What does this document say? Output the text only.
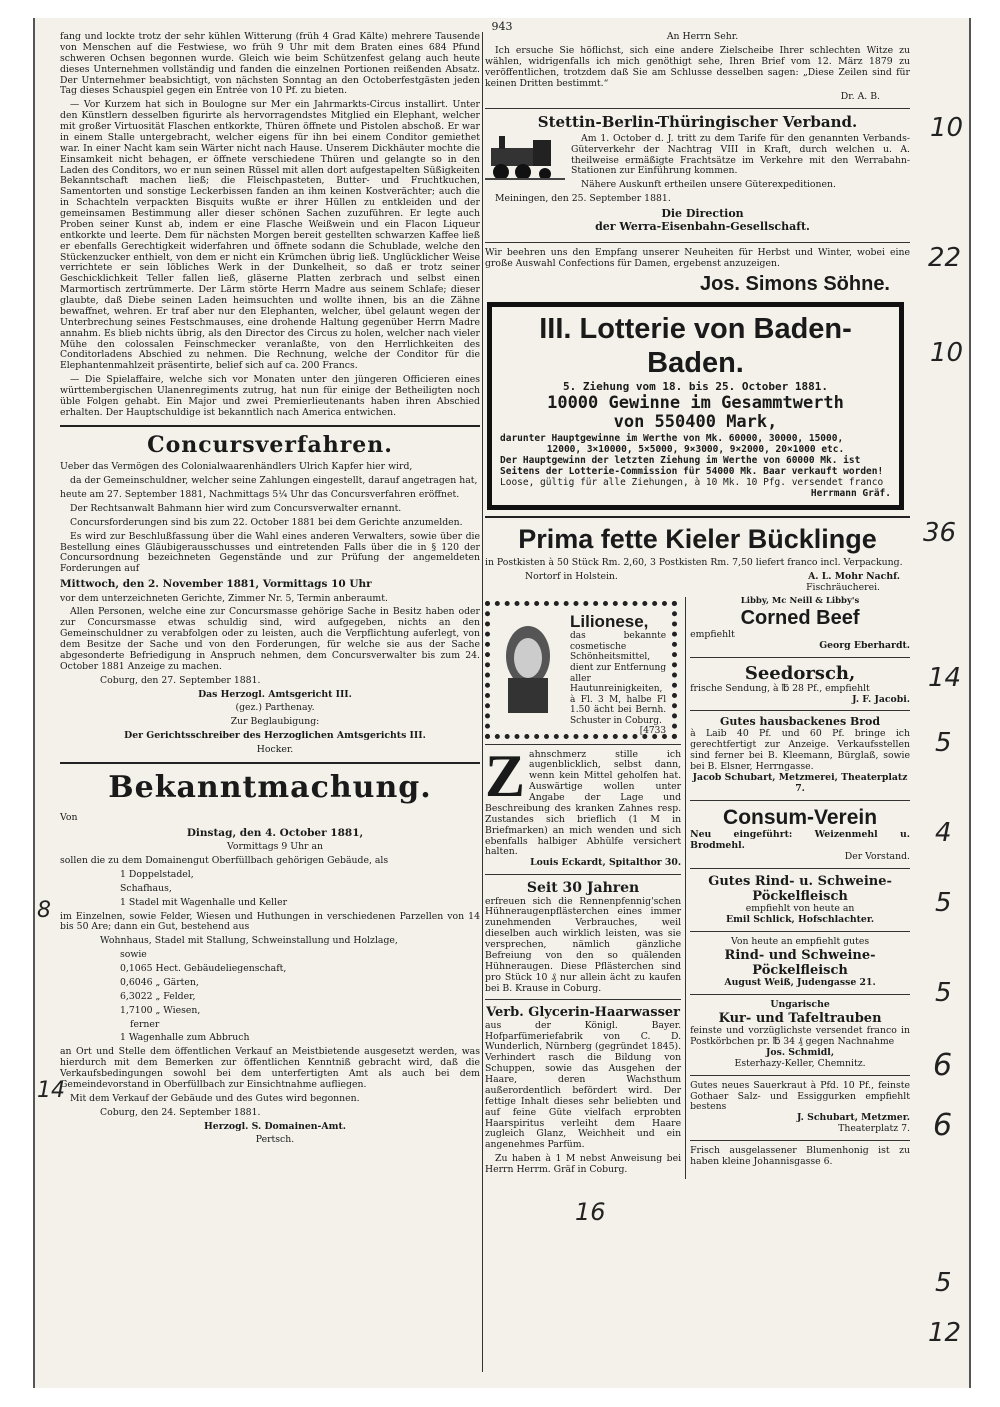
943

fang und lockte trotz der sehr kühlen Witterung (früh 4 Grad Kälte) mehrere Tausende von Menschen auf die Festwiese, wo früh 9 Uhr mit dem Braten eines 684 Pfund schweren Ochsen begonnen wurde. Gleich wie beim Schützenfest gelang auch heute dieses Unternehmen vollständig und fanden die einzelnen Portionen reißenden Absatz. Der Unternehmer beabsichtigt, von nächsten Sonntag an den Octoberfestgästen jeden Tag dieses Schauspiel gegen ein Entrée von 10 Pf. zu bieten.

— Vor Kurzem hat sich in Boulogne sur Mer ein Jahrmarkts-Circus installirt. Unter den Künstlern desselben figurirte als hervorragendstes Mitglied ein Elephant, welcher mit großer Virtuosität Flaschen entkorkte, Thüren öffnete und Pistolen abschoß. Er war in einem Stalle untergebracht, welcher eigens für ihn bei einem Conditor gemiethet war. In einer Nacht kam sein Wärter nicht nach Hause. Unserem Dickhäuter mochte die Einsamkeit nicht behagen, er öffnete verschiedene Thüren und gelangte so in den Laden des Conditors, wo er nun seinen Rüssel mit allen dort aufgestapelten Süßigkeiten Bekanntschaft machen ließ; die Fleischpasteten, Butter- und Fruchtkuchen, Samentorten und sonstige Leckerbissen fanden an ihm keinen Kostverächter; auch die in Schachteln verpackten Bisquits wußte er ihrer Hüllen zu entkleiden und der gemeinsamen Bestimmung aller dieser schönen Sachen zuzuführen. Er legte auch Proben seiner Kunst ab, indem er eine Flasche Weißwein und ein Flacon Liqueur entkorkte und leerte. Dem für nächsten Morgen bereit gestellten schwarzen Kaffee ließ er ebenfalls Gerechtigkeit widerfahren und öffnete sodann die Schublade, welche den Stückenzucker enthielt, von dem er nicht ein Krümchen übrig ließ. Unglücklicher Weise verrichtete er sein löbliches Werk in der Dunkelheit, so daß er trotz seiner Geschicklichkeit Teller fallen ließ, gläserne Platten zerbrach und selbst einen Marmortisch zertrümmerte. Der Lärm störte Herrn Madre aus seinem Schlafe; dieser glaubte, daß Diebe seinen Laden heimsuchten und wollte ihnen, bis an die Zähne bewaffnet, wehren. Er traf aber nur den Elephanten, welcher, übel gelaunt wegen der Unterbrechung seines Festschmauses, eine drohende Haltung gegenüber Herrn Madre annahm. Es blieb nichts übrig, als den Director des Circus zu holen, welcher nach vieler Mühe den colossalen Feinschmecker veranlaßte, von den Herrlichkeiten des Conditorladens Abschied zu nehmen. Die Rechnung, welche der Conditor für die Elephantenmahlzeit präsentirte, belief sich auf ca. 200 Francs.

— Die Spielaffaire, welche sich vor Monaten unter den jüngeren Officieren eines württembergischen Ulanenregiments zutrug, hat nun für einige der Betheiligten noch üble Folgen gehabt. Ein Major und zwei Premierlieutenants haben ihren Abschied erhalten. Der Hauptschuldige ist bekanntlich nach America entwichen.

Concursverfahren.

Ueber das Vermögen des Colonialwaarenhändlers Ulrich Kapfer hier wird,

da der Gemeinschuldner, welcher seine Zahlungen eingestellt, darauf angetragen hat,

heute am 27. September 1881, Nachmittags 5¼ Uhr das Concursverfahren eröffnet.

Der Rechtsanwalt Bahmann hier wird zum Concursverwalter ernannt.

Concursforderungen sind bis zum 22. October 1881 bei dem Gerichte anzumelden.

Es wird zur Beschlußfassung über die Wahl eines anderen Verwalters, sowie über die Bestellung eines Gläubigerausschusses und eintretenden Falls über die in § 120 der Concursordnung bezeichneten Gegenstände und zur Prüfung der angemeldeten Forderungen auf

Mittwoch, den 2. November 1881, Vormittags 10 Uhr

vor dem unterzeichneten Gerichte, Zimmer Nr. 5, Termin anberaumt.

Allen Personen, welche eine zur Concursmasse gehörige Sache in Besitz haben oder zur Concursmasse etwas schuldig sind, wird aufgegeben, nichts an den Gemeinschuldner zu verabfolgen oder zu leisten, auch die Verpflichtung auferlegt, von dem Besitze der Sache und von den Forderungen, für welche sie aus der Sache abgesonderte Befriedigung in Anspruch nehmen, dem Concursverwalter bis zum 24. October 1881 Anzeige zu machen.

Coburg, den 27. September 1881.

Das Herzogl. Amtsgericht III.

(gez.) Parthenay.

Zur Beglaubigung:

Der Gerichtsschreiber des Herzoglichen Amtsgerichts III.

Hocker.

Bekanntmachung.

Von

Dinstag, den 4. October 1881,

Vormittags 9 Uhr an

sollen die zu dem Domainengut Oberfüllbach gehörigen Gebäude, als

1 Doppelstadel,

Schafhaus,

1 Stadel mit Wagenhalle und Keller

im Einzelnen, sowie Felder, Wiesen und Huthungen in verschiedenen Parzellen von 14 bis 50 Are; dann ein Gut, bestehend aus

Wohnhaus, Stadel mit Stallung, Schweinstallung und Holzlage,

sowie

0,1065 Hect. Gebäudeliegenschaft,

0,6046 „ Gärten,

6,3022 „ Felder,

1,7100 „ Wiesen,

ferner

1 Wagenhalle zum Abbruch

an Ort und Stelle dem öffentlichen Verkauf an Meistbietende ausgesetzt werden, was hierdurch mit dem Bemerken zur öffentlichen Kenntniß gebracht wird, daß die Verkaufsbedingungen sowohl bei dem unterfertigten Amt als auch bei dem Gemeindevorstand in Oberfüllbach zur Einsichtnahme aufliegen.

Mit dem Verkauf der Gebäude und des Gutes wird begonnen.

Coburg, den 24. September 1881.

Herzogl. S. Domainen-Amt.

Pertsch.

An Herrn Sehr.

Ich ersuche Sie höflichst, sich eine andere Zielscheibe Ihrer schlechten Witze zu wählen, widrigenfalls ich mich genöthigt sehe, Ihren Brief vom 12. März 1879 zu veröffentlichen, trotzdem daß Sie am Schlusse desselben sagen: „Diese Zeilen sind für keinen Dritten bestimmt.“

Dr. A. B.

Stettin-Berlin-Thüringischer Verband.

Am 1. October d. J. tritt zu dem Tarife für den genannten Verbands-Güterverkehr der Nachtrag VIII in Kraft, durch welchen u. A. theilweise ermäßigte Frachtsätze im Verkehre mit den Werrabahn-Stationen zur Einführung kommen.

Nähere Auskunft ertheilen unsere Güterexpeditionen.

Meiningen, den 25. September 1881.

Die Direction

der Werra-Eisenbahn-Gesellschaft.

Wir beehren uns den Empfang unserer Neuheiten für Herbst und Winter, wobei eine große Auswahl Confections für Damen, ergebenst anzuzeigen.

Jos. Simons Söhne.
III. Lotterie von Baden-Baden.
5. Ziehung vom 18. bis 25. October 1881.
10000 Gewinne im Gesammtwerth
von 550400 Mark,
darunter Hauptgewinne im Werthe von Mk. 60000, 30000, 15000,
12000, 3×10000, 5×5000, 9×3000, 9×2000, 20×1000 etc.
Der Hauptgewinn der letzten Ziehung im Werthe von 60000 Mk. ist Seitens der Lotterie-Commission für 54000 Mk. Baar verkauft worden!
Loose, gültig für alle Ziehungen, à 10 Mk. 10 Pfg. versendet franco
Herrmann Gräf.
Prima fette Kieler Bücklinge

in Postkisten à 50 Stück Rm. 2,60, 3 Postkisten Rm. 7,50 liefert franco incl. Verpackung.

Nortorf in Holstein.	A. L. Mohr Nachf.

Fischräucherei.

Lilionese,
das bekannte cosmetische Schönheitsmittel, dient zur Entfernung aller Hautunreinigkeiten, à Fl. 3 M, halbe Fl 1.50 ächt bei Bernh. Schuster in Coburg.
[4733
Z ahnschmerz stille ich augenblicklich, selbst dann, wenn kein Mittel geholfen hat. Auswärtige wollen unter Angabe der Lage und Beschreibung des kranken Zahnes resp. Zustandes sich brieflich (1 M in Briefmarken) an mich wenden und sich ebenfalls halbiger Abhülfe versichert halten.
Louis Eckardt, Spitalthor 30.
Seit 30 Jahren

erfreuen sich die Rennenpfennig'schen Hühneraugenpflästerchen eines immer zunehmenden Verbrauches, weil dieselben auch wirklich leisten, was sie versprechen, nämlich gänzliche Befreiung von den so quälenden Hühneraugen. Diese Pflästerchen sind pro Stück 10 ₰ nur allein ächt zu kaufen bei B. Krause in Coburg.

Verb. Glycerin-Haarwasser

aus der Königl. Bayer. Hofparfümeriefabrik von C. D. Wunderlich, Nürnberg (gegründet 1845). Verhindert rasch die Bildung von Schuppen, sowie das Ausgehen der Haare, deren Wachsthum außerordentlich befördert wird. Der fettige Inhalt dieses sehr beliebten und auf feine Güte vielfach erprobten Haarspiritus verleiht dem Haare zugleich Glanz, Weichheit und ein angenehmes Parfüm.

Zu haben à 1 M nebst Anweisung bei Herrn Herrm. Gräf in Coburg.

Libby, Mc Neill & Libby's
Corned Beef
empfiehlt
Georg Eberhardt.
Seedorsch,
frische Sendung, à ℔ 28 Pf., empfiehlt
J. F. Jacobi.
Gutes hausbackenes Brod
à Laib 40 Pf. und 60 Pf. bringe ich gerechtfertigt zur Anzeige. Verkaufsstellen sind ferner bei B. Kleemann, Bürglaß, sowie bei B. Elsner, Herrngasse.
Jacob Schubart, Metzmerei, Theaterplatz 7.
Consum-Verein
Neu eingeführt: Weizenmehl u. Brodmehl.
Der Vorstand.
Gutes Rind- u. Schweine-
Pöckelfleisch
empfiehlt von heute an
Emil Schlick, Hofschlachter.
Von heute an empfiehlt gutes
Rind- und Schweine-
Pöckelfleisch
August Weiß, Judengasse 21.
Ungarische
Kur- und Tafeltrauben
feinste und vorzüglichste versendet franco in Postkörbchen pr. ℔ 34 ₰ gegen Nachnahme
Jos. Schmidl,
Esterhazy-Keller, Chemnitz.
Gutes neues Sauerkraut à Pfd. 10 Pf., feinste Gothaer Salz- und Essiggurken empfiehlt bestens
J. Schubart, Metzmer.
Theaterplatz 7.
Frisch ausgelassener Blumenhonig ist zu haben kleine Johannisgasse 6.
10
22
10
36
14
5
4
5
5
6
6
5
12
8
14
16
